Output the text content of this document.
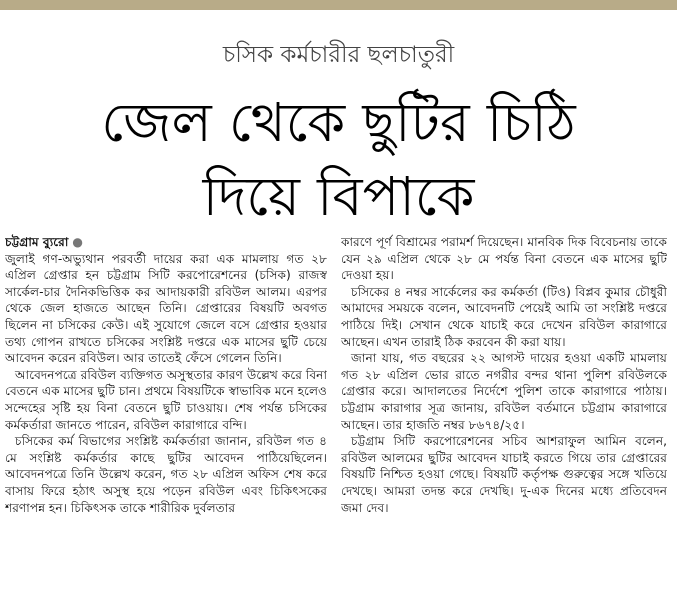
চসিক কর্মচারীর ছলচাতুরী
জেল থেকে ছুটির চিঠি
দিয়ে বিপাকে
চট্টগ্রাম ব্যুরো ●

জুলাই গণ-অভ্যুথান পরবর্তী দায়ের করা এক মামলায় গত ২৮ এপ্রিল গ্রেপ্তার হন চট্টগ্রাম সিটি করপোরেশনের (চসিক) রাজস্ব সার্কেল-চার দৈনিকভিত্তিক কর আদায়কারী রবিউল আলম। এরপর থেকে জেল হাজতে আছেন তিনি। গ্রেপ্তারের বিষয়টি অবগত ছিলেন না চসিকের কেউ। এই সুযোগে জেলে বসে গ্রেপ্তার হওয়ার তথ্য গোপন রাখতে চসিকের সংশ্লিষ্ট দপ্তরে এক মাসের ছুটি চেয়ে আবেদন করেন রবিউল। আর তাতেই ফেঁসে গেলেন তিনি।

আবেদনপত্রে রবিউল ব্যক্তিগত অসুস্থতার কারণ উল্লেখ করে বিনা বেতনে এক মাসের ছুটি চান। প্রথমে বিষয়টিকে স্বাভাবিক মনে হলেও সন্দেহের সৃষ্টি হয় বিনা বেতনে ছুটি চাওয়ায়। শেষ পর্যন্ত চসিকের কর্মকর্তারা জানতে পারেন, রবিউল কারাগারে বন্দি।

চসিকের কর্ম বিভাগের সংশ্লিষ্ট কর্মকর্তারা জানান, রবিউল গত ৪ মে সংশ্লিষ্ট কর্মকর্তার কাছে ছুটির আবেদন পাঠিয়েছিলেন। আবেদনপত্রে তিনি উল্লেখ করেন, গত ২৮ এপ্রিল অফিস শেষ করে বাসায় ফিরে হঠাৎ অসুস্থ হয়ে পড়েন রবিউল এবং চিকিৎসকের শরণাপন্ন হন। চিকিৎসক তাকে শারীরিক দুর্বলতার

কারণে পূর্ণ বিশ্রামের পরামর্শ দিয়েছেন। মানবিক দিক বিবেচনায় তাকে যেন ২৯ এপ্রিল থেকে ২৮ মে পর্যন্ত বিনা বেতনে এক মাসের ছুটি দেওয়া হয়।

চসিকের ৪ নম্বর সার্কেলের কর কর্মকর্তা (টিও) বিপ্লব কুমার চৌধুরী আমাদের সময়কে বলেন, আবেদনটি পেয়েই আমি তা সংশ্লিষ্ট দপ্তরে পাঠিয়ে দিই। সেখান থেকে যাচাই করে দেখেন রবিউল কারাগারে আছেন। এখন তারাই ঠিক করবেন কী করা যায়।

জানা যায়, গত বছরের ২২ আগস্ট দায়ের হওয়া একটি মামলায় গত ২৮ এপ্রিল ভোর রাতে নগরীর বন্দর থানা পুলিশ রবিউলকে গ্রেপ্তার করে। আদালতের নির্দেশে পুলিশ তাকে কারাগারে পাঠায়। চট্টগ্রাম কারাগার সূত্র জানায়, রবিউল বর্তমানে চট্টগ্রাম কারাগারে আছেন। তার হাজতি নম্বর ৮৬৭৪/২৫।

চট্টগ্রাম সিটি করপোরেশনের সচিব আশরাফুল আমিন বলেন, রবিউল আলমের ছুটির আবেদন যাচাই করতে গিয়ে তার গ্রেপ্তারের বিষয়টি নিশ্চিত হওয়া গেছে। বিষয়টি কর্তৃপক্ষ গুরুত্বের সঙ্গে খতিয়ে দেখছে। আমরা তদন্ত করে দেখছি। দু-এক দিনের মধ্যে প্রতিবেদন জমা দেব।
